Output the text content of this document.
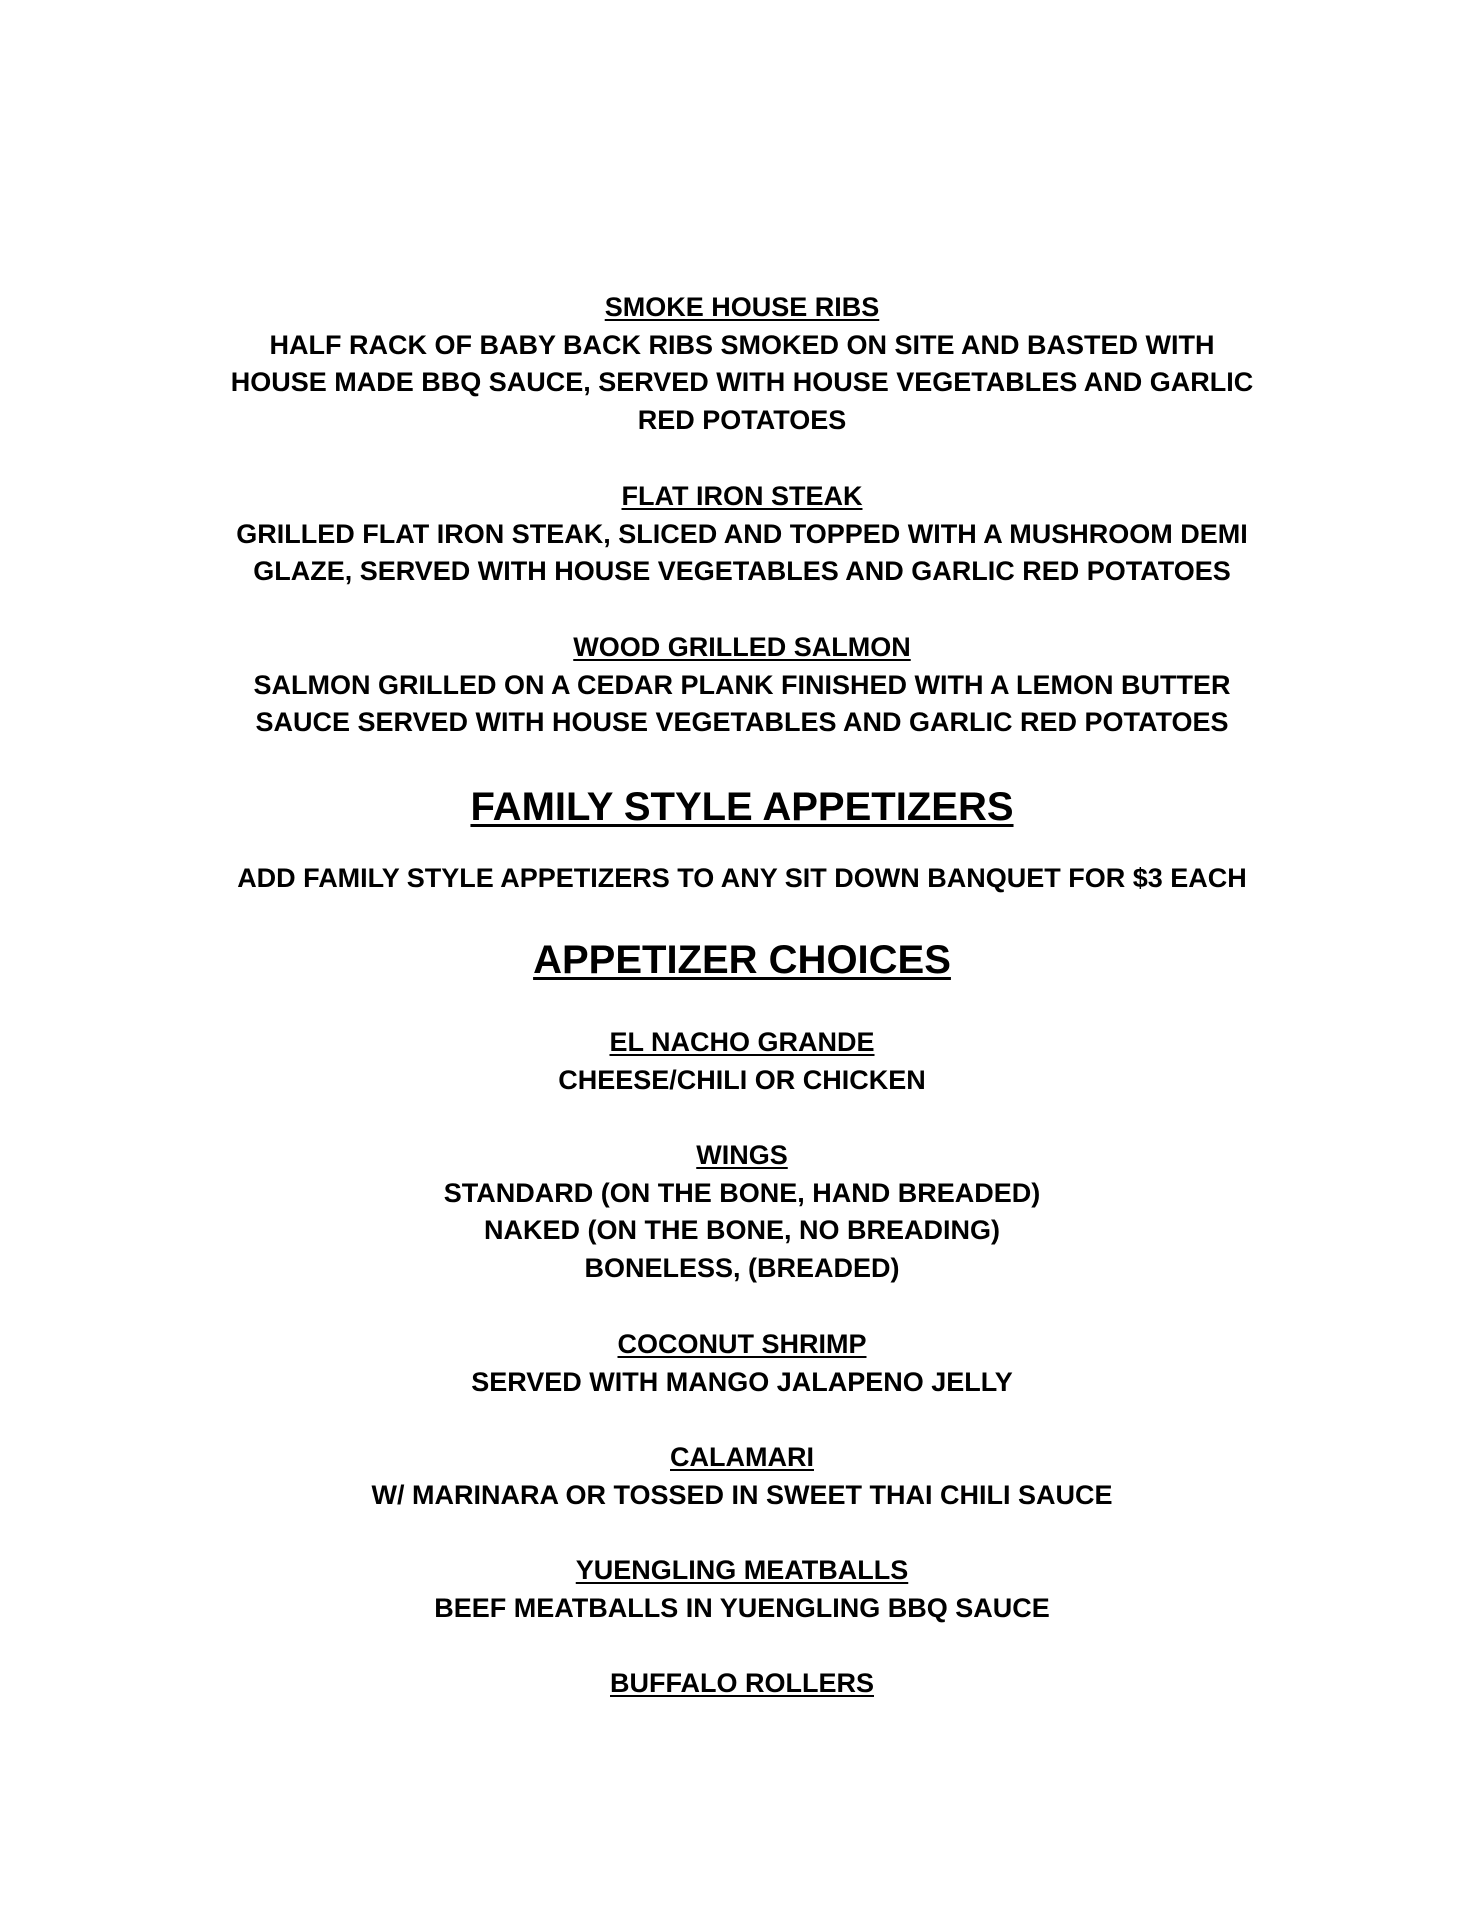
SMOKE HOUSE RIBS
HALF RACK OF BABY BACK RIBS SMOKED ON SITE AND BASTED WITH
HOUSE MADE BBQ SAUCE, SERVED WITH HOUSE VEGETABLES AND GARLIC
RED POTATOES
FLAT IRON STEAK
GRILLED FLAT IRON STEAK, SLICED AND TOPPED WITH A MUSHROOM DEMI
GLAZE, SERVED WITH HOUSE VEGETABLES AND GARLIC RED POTATOES
WOOD GRILLED SALMON
SALMON GRILLED ON A CEDAR PLANK FINISHED WITH A LEMON BUTTER
SAUCE SERVED WITH HOUSE VEGETABLES AND GARLIC RED POTATOES
FAMILY STYLE APPETIZERS
ADD FAMILY STYLE APPETIZERS TO ANY SIT DOWN BANQUET FOR $3 EACH
APPETIZER CHOICES
EL NACHO GRANDE
CHEESE/CHILI OR CHICKEN
WINGS
STANDARD (ON THE BONE, HAND BREADED)
NAKED (ON THE BONE, NO BREADING)
BONELESS, (BREADED)
COCONUT SHRIMP
SERVED WITH MANGO JALAPENO JELLY
CALAMARI
W/ MARINARA OR TOSSED IN SWEET THAI CHILI SAUCE
YUENGLING MEATBALLS
BEEF MEATBALLS IN YUENGLING BBQ SAUCE
BUFFALO ROLLERS
